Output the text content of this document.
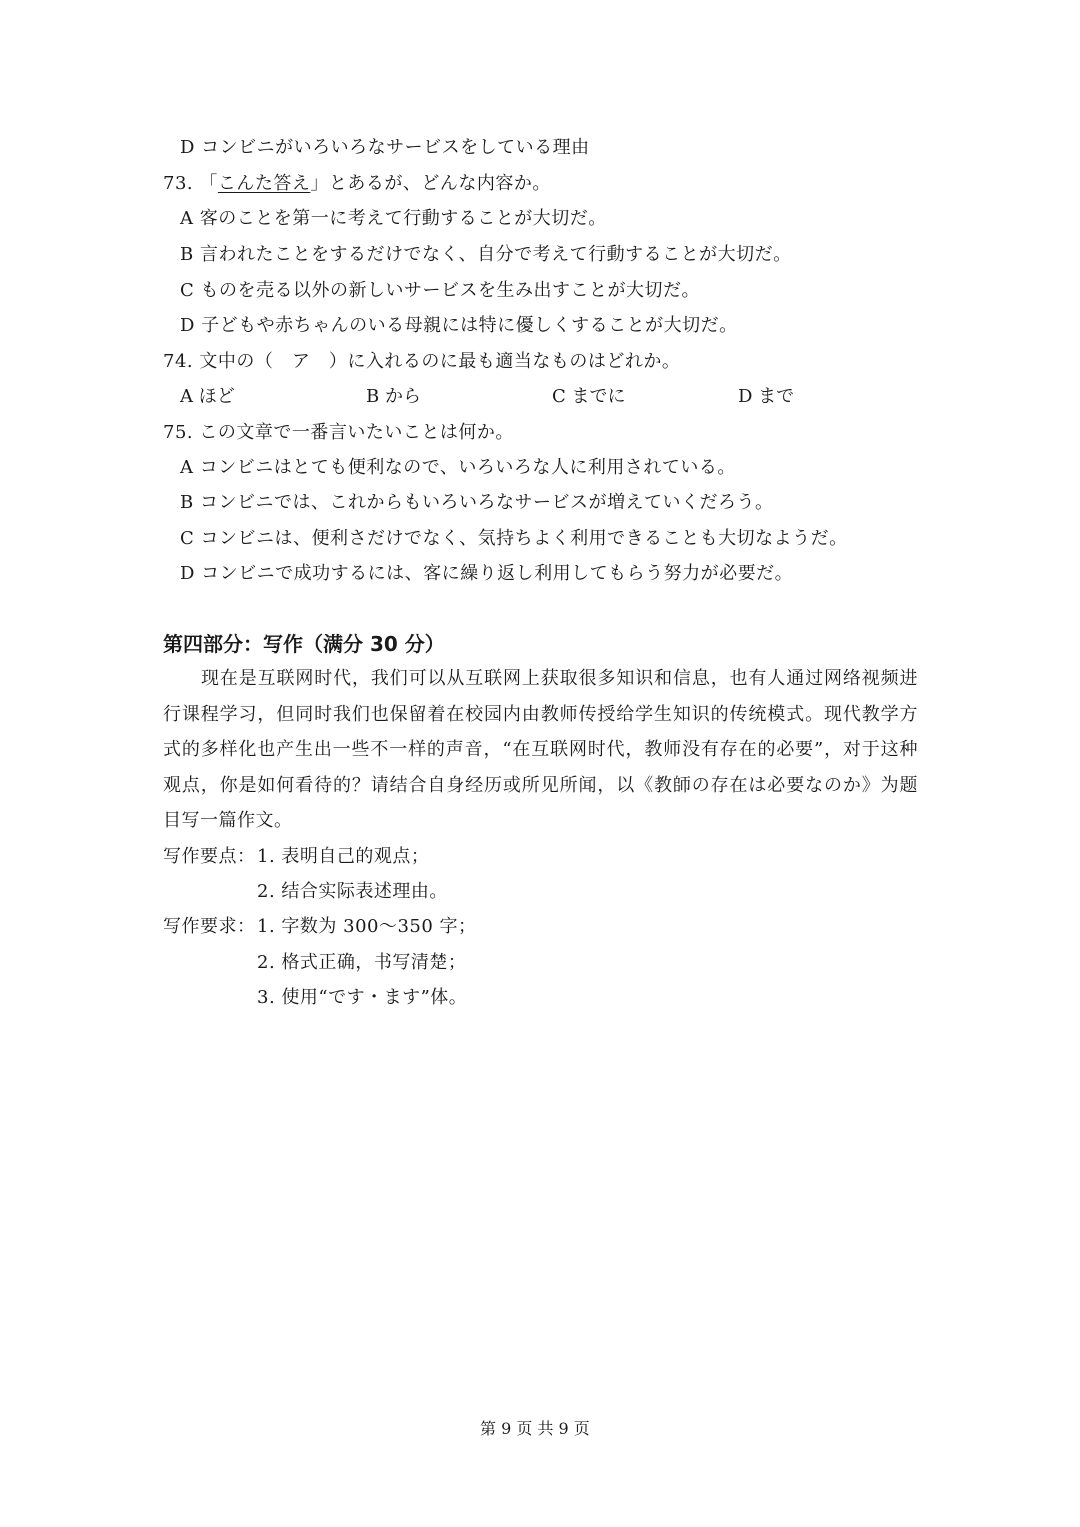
D コンビニがいろいろなサービスをしている理由
73. 「こんた答え」とあるが、どんな内容か。
A 客のことを第一に考えて行動することが大切だ。
B 言われたことをするだけでなく、自分で考えて行動することが大切だ。
C ものを売る以外の新しいサービスを生み出すことが大切だ。
D 子どもや赤ちゃんのいる母親には特に優しくすることが大切だ。
74. 文中の（　ア　）に入れるのに最も適当なものはどれか。
A ほど	B から	C までに	D まで
75. この文章で一番言いたいことは何か。
A コンビニはとても便利なので、いろいろな人に利用されている。
B コンビニでは、これからもいろいろなサービスが増えていくだろう。
C コンビニは、便利さだけでなく、気持ちよく利用できることも大切なようだ。
D コンビニで成功するには、客に繰り返し利用してもらう努力が必要だ。
第四部分：写作（满分 30 分）
现在是互联网时代，我们可以从互联网上获取很多知识和信息，也有人通过网络视频进行课程学习，但同时我们也保留着在校园内由教师传授给学生知识的传统模式。现代教学方式的多样化也产生出一些不一样的声音，“在互联网时代，教师没有存在的必要”，对于这种观点，你是如何看待的？请结合自身经历或所见所闻，以《教師の存在は必要なのか》为题目写一篇作文。
写作要点： 1. 表明自己的观点；
2. 结合实际表述理由。
写作要求： 1. 字数为 300～350 字；
2. 格式正确，书写清楚；
3. 使用“です・ます”体。
第 9 页 共 9 页
